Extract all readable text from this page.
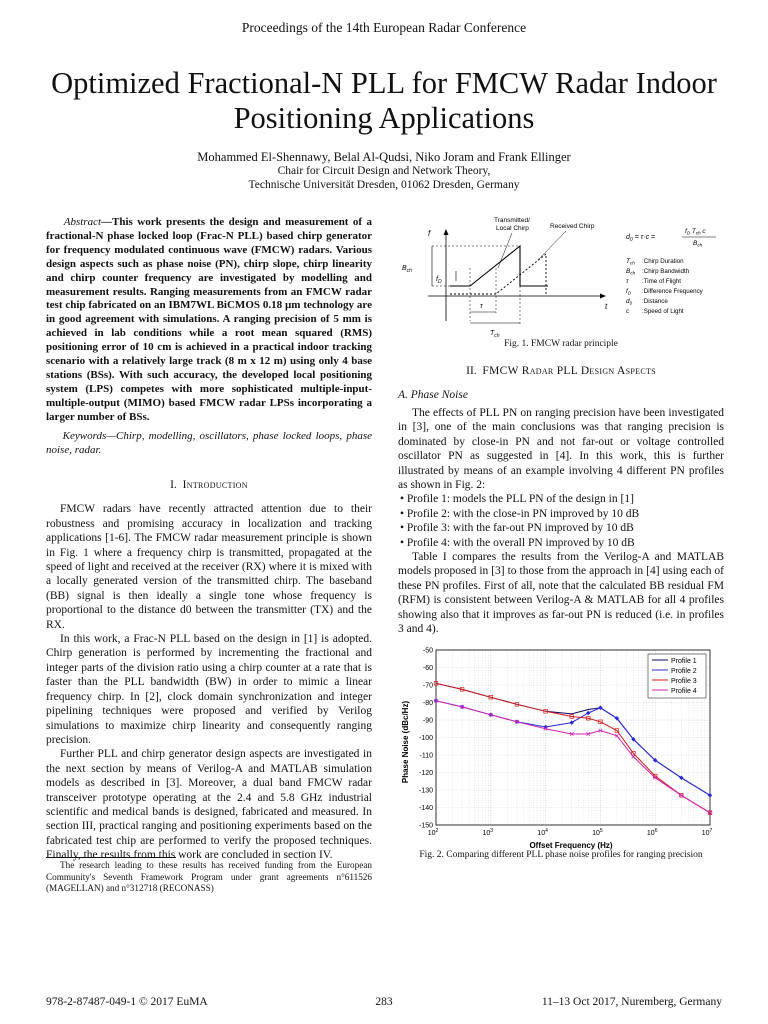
Proceedings of the 14th European Radar Conference
Optimized Fractional-N PLL for FMCW Radar Indoor Positioning Applications
Mohammed El-Shennawy, Belal Al-Qudsi, Niko Joram and Frank Ellinger
Chair for Circuit Design and Network Theory,
Technische Universität Dresden, 01062 Dresden, Germany

Abstract—This work presents the design and measurement of a fractional-N phase locked loop (Frac-N PLL) based chirp generator for frequency modulated continuous wave (FMCW) radars. Various design aspects such as phase noise (PN), chirp slope, chirp linearity and chirp counter frequency are investigated by modelling and measurement results. Ranging measurements from an FMCW radar test chip fabricated on an IBM7WL BiCMOS 0.18 µm technology are in good agreement with simulations. A ranging precision of 5 mm is achieved in lab conditions while a root mean squared (RMS) positioning error of 10 cm is achieved in a practical indoor tracking scenario with a relatively large track (8 m x 12 m) using only 4 base stations (BSs). With such accuracy, the developed local positioning system (LPS) competes with more sophisticated multiple-input-multiple-output (MIMO) based FMCW radar LPSs incorporating a larger number of BSs.

Keywords—Chirp, modelling, oscillators, phase locked loops, phase noise, radar.

I. Introduction

FMCW radars have recently attracted attention due to their robustness and promising accuracy in localization and tracking applications [1-6]. The FMCW radar measurement principle is shown in Fig. 1 where a frequency chirp is transmitted, propagated at the speed of light and received at the receiver (RX) where it is mixed with a locally generated version of the transmitted chirp. The baseband (BB) signal is then ideally a single tone whose frequency is proportional to the distance d0 between the transmitter (TX) and the RX.

In this work, a Frac-N PLL based on the design in [1] is adopted. Chirp generation is performed by incrementing the fractional and integer parts of the division ratio using a chirp counter at a rate that is faster than the PLL bandwidth (BW) in order to mimic a linear frequency chirp. In [2], clock domain synchronization and integer pipelining techniques were proposed and verified by Verilog simulations to maximize chirp linearity and consequently ranging precision.

Further PLL and chirp generator design aspects are investigated in the next section by means of Verilog-A and MATLAB simulation models as described in [3]. Moreover, a dual band FMCW radar transceiver prototype operating at the 2.4 and 5.8 GHz industrial scientific and medical bands is designed, fabricated and measured. In section III, practical ranging and positioning experiments based on the fabricated test chip are performed to verify the proposed techniques. Finally, the results from this work are concluded in section IV.

The research leading to these results has received funding from the European Community's Seventh Framework Program under grant agreements n°611526 (MAGELLAN) and n°312718 (RECONASS)

f
t
$B_{ch}$
$f_D$
τ
$T_{ch}$
Transmitted/
Local Chirp	Received Chirp
$d_0 = \tau\cdot c$ =
$f_D$ $T_{ch}$ c
$B_{ch}$
$T_{ch}$ :Chirp Duration
$B_{ch}$ :Chirp Bandwidth
τ :Time of Flight
$f_D$ :Difference Frequency
$d_0$ :Distance
c :Speed of Light
Fig. 1. FMCW radar principle
II. FMCW Radar PLL Design Aspects
A. Phase Noise

The effects of PLL PN on ranging precision have been investigated in [3], one of the main conclusions was that ranging precision is dominated by close-in PN and not far-out or voltage controlled oscillator PN as suggested in [4]. In this work, this is further illustrated by means of an example involving 4 different PN profiles as shown in Fig. 2:

• Profile 1: models the PLL PN of the design in [1]
• Profile 2: with the close-in PN improved by 10 dB
• Profile 3: with the far-out PN improved by 10 dB
• Profile 4: with the overall PN improved by 10 dB

Table I compares the results from the Verilog-A and MATLAB models proposed in [3] to those from the approach in [4] using each of these PN profiles. First of all, note that the calculated BB residual FM (RFM) is consistent between Verilog-A & MATLAB for all 4 profiles showing also that it improves as far-out PN is reduced (i.e. in profiles 3 and 4).

Phase Noise (dBc/Hz)
Offset Frequency (Hz)
-50
-60
-70
-80
-90
-100
-110
-120
-130
-140
-150
$10^2$	$10^3$	$10^4$	$10^5$	$10^6$	$10^7$
Profile 1
Profile 2
Profile 3
Profile 4
Fig. 2. Comparing different PLL phase noise profiles for ranging precision
978-2-87487-049-1 © 2017 EuMA	283	11–13 Oct 2017, Nuremberg, Germany
